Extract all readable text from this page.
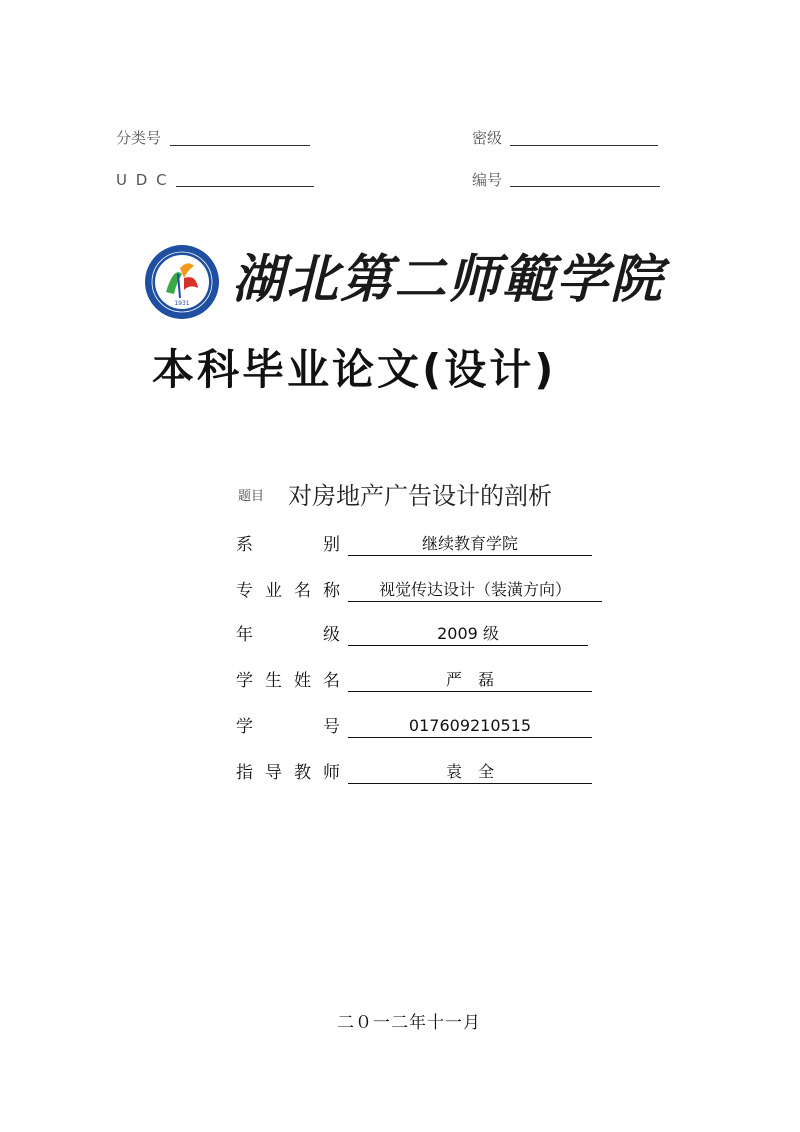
分类号	密级
U D C	编号
1931 湖北第二师範学院
本科毕业论文(设计)
题目 对房地产广告设计的剖析
系	别	继续教育学院
专 业 名 称	视觉传达设计（装潢方向）
年	级	2009 级
学 生 姓 名	严　磊
学	号	017609210515
指 导 教 师	袁　全
二０一二年十一月
